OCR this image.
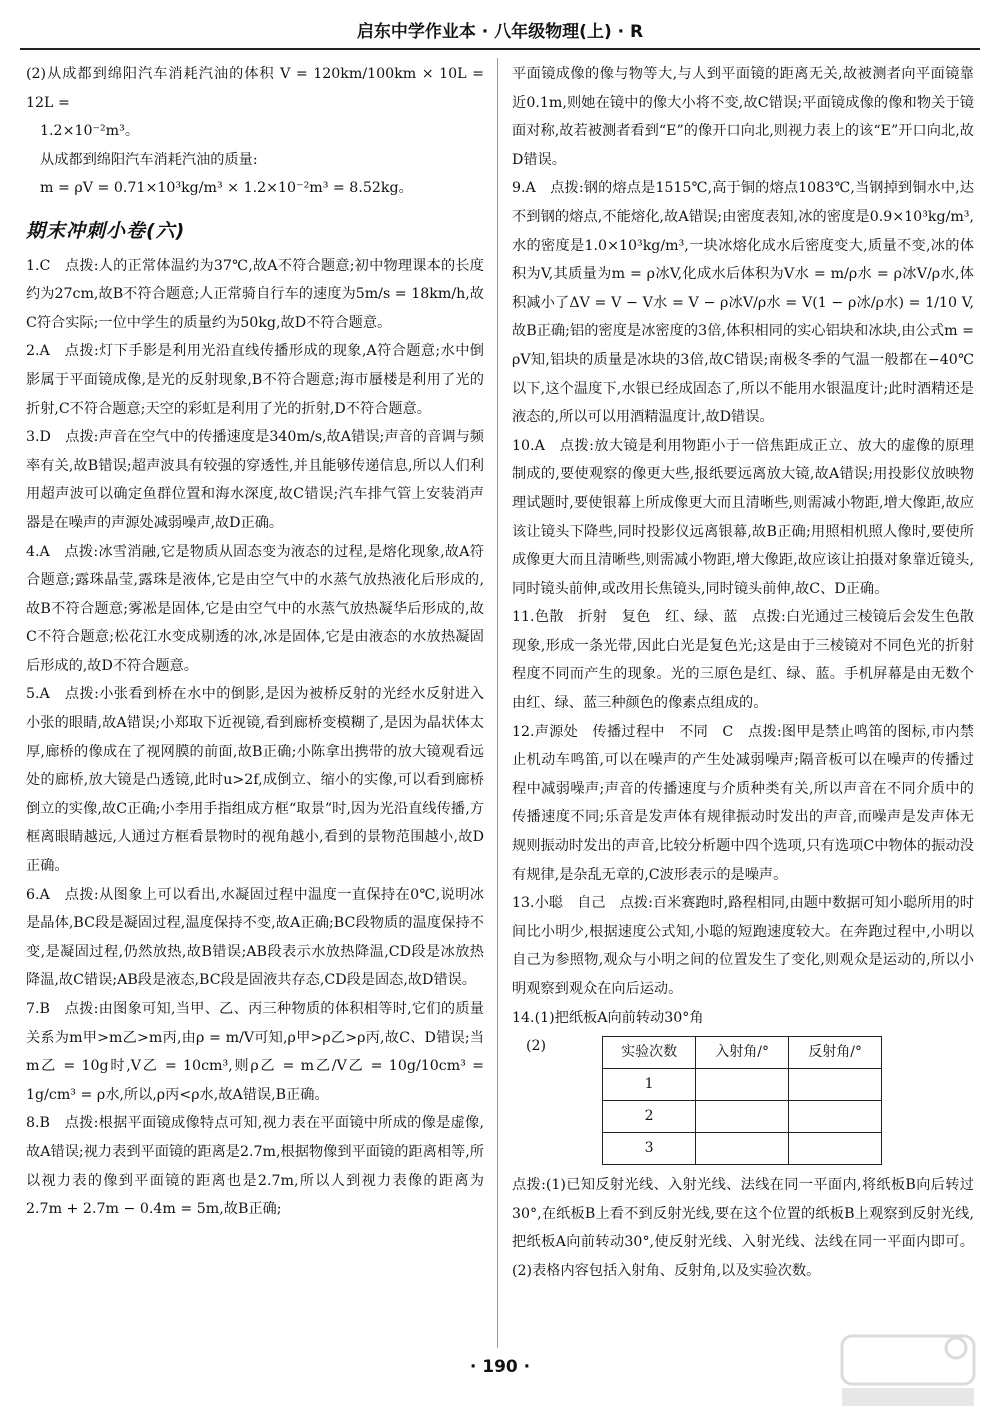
启东中学作业本 · 八年级物理(上) · R

(2)从成都到绵阳汽车消耗汽油的体积 V = 120km/100km × 10L = 12L =

1.2×10⁻²m³。

从成都到绵阳汽车消耗汽油的质量:

m = ρV = 0.71×10³kg/m³ × 1.2×10⁻²m³ = 8.52kg。

期末冲刺小卷(六)

1.C　点拨:人的正常体温约为37℃,故A不符合题意;初中物理课本的长度约为27cm,故B不符合题意;人正常骑自行车的速度为5m/s = 18km/h,故C符合实际;一位中学生的质量约为50kg,故D不符合题意。

2.A　点拨:灯下手影是利用光沿直线传播形成的现象,A符合题意;水中倒影属于平面镜成像,是光的反射现象,B不符合题意;海市蜃楼是利用了光的折射,C不符合题意;天空的彩虹是利用了光的折射,D不符合题意。

3.D　点拨:声音在空气中的传播速度是340m/s,故A错误;声音的音调与频率有关,故B错误;超声波具有较强的穿透性,并且能够传递信息,所以人们利用超声波可以确定鱼群位置和海水深度,故C错误;汽车排气管上安装消声器是在噪声的声源处减弱噪声,故D正确。

4.A　点拨:冰雪消融,它是物质从固态变为液态的过程,是熔化现象,故A符合题意;露珠晶莹,露珠是液体,它是由空气中的水蒸气放热液化后形成的,故B不符合题意;雾凇是固体,它是由空气中的水蒸气放热凝华后形成的,故C不符合题意;松花江水变成剔透的冰,冰是固体,它是由液态的水放热凝固后形成的,故D不符合题意。

5.A　点拨:小张看到桥在水中的倒影,是因为被桥反射的光经水反射进入小张的眼睛,故A错误;小郑取下近视镜,看到廊桥变模糊了,是因为晶状体太厚,廊桥的像成在了视网膜的前面,故B正确;小陈拿出携带的放大镜观看远处的廊桥,放大镜是凸透镜,此时u>2f,成倒立、缩小的实像,可以看到廊桥倒立的实像,故C正确;小李用手指组成方框“取景”时,因为光沿直线传播,方框离眼睛越远,人通过方框看景物时的视角越小,看到的景物范围越小,故D正确。

6.A　点拨:从图象上可以看出,水凝固过程中温度一直保持在0℃,说明冰是晶体,BC段是凝固过程,温度保持不变,故A正确;BC段物质的温度保持不变,是凝固过程,仍然放热,故B错误;AB段表示水放热降温,CD段是冰放热降温,故C错误;AB段是液态,BC段是固液共存态,CD段是固态,故D错误。

7.B　点拨:由图象可知,当甲、乙、丙三种物质的体积相等时,它们的质量关系为m甲>m乙>m丙,由ρ = m/V可知,ρ甲>ρ乙>ρ丙,故C、D错误;当m乙 = 10g时,V乙 = 10cm³,则ρ乙 = m乙/V乙 = 10g/10cm³ = 1g/cm³ = ρ水,所以,ρ丙<ρ水,故A错误,B正确。

8.B　点拨:根据平面镜成像特点可知,视力表在平面镜中所成的像是虚像,故A错误;视力表到平面镜的距离是2.7m,根据物像到平面镜的距离相等,所以视力表的像到平面镜的距离也是2.7m,所以人到视力表像的距离为2.7m + 2.7m − 0.4m = 5m,故B正确;

平面镜成像的像与物等大,与人到平面镜的距离无关,故被测者向平面镜靠近0.1m,则她在镜中的像大小将不变,故C错误;平面镜成像的像和物关于镜面对称,故若被测者看到“E”的像开口向北,则视力表上的该“E”开口向北,故D错误。

9.A　点拨:钢的熔点是1515℃,高于铜的熔点1083℃,当钢掉到铜水中,达不到钢的熔点,不能熔化,故A错误;由密度表知,冰的密度是0.9×10³kg/m³,水的密度是1.0×10³kg/m³,一块冰熔化成水后密度变大,质量不变,冰的体积为V,其质量为m = ρ冰V,化成水后体积为V水 = m/ρ水 = ρ冰V/ρ水,体积减小了ΔV = V − V水 = V − ρ冰V/ρ水 = V(1 − ρ冰/ρ水) = 1/10 V,故B正确;铝的密度是冰密度的3倍,体积相同的实心铝块和冰块,由公式m = ρV知,铝块的质量是冰块的3倍,故C错误;南极冬季的气温一般都在−40℃以下,这个温度下,水银已经成固态了,所以不能用水银温度计;此时酒精还是液态的,所以可以用酒精温度计,故D错误。

10.A　点拨:放大镜是利用物距小于一倍焦距成正立、放大的虚像的原理制成的,要使观察的像更大些,报纸要远离放大镜,故A错误;用投影仪放映物理试题时,要使银幕上所成像更大而且清晰些,则需减小物距,增大像距,故应该让镜头下降些,同时投影仪远离银幕,故B正确;用照相机照人像时,要使所成像更大而且清晰些,则需减小物距,增大像距,故应该让拍摄对象靠近镜头,同时镜头前伸,或改用长焦镜头,同时镜头前伸,故C、D正确。

11.色散　折射　复色　红、绿、蓝　点拨:白光通过三棱镜后会发生色散现象,形成一条光带,因此白光是复色光;这是由于三棱镜对不同色光的折射程度不同而产生的现象。光的三原色是红、绿、蓝。手机屏幕是由无数个由红、绿、蓝三种颜色的像素点组成的。

12.声源处　传播过程中　不同　C　点拨:图甲是禁止鸣笛的图标,市内禁止机动车鸣笛,可以在噪声的产生处减弱噪声;隔音板可以在噪声的传播过程中减弱噪声;声音的传播速度与介质种类有关,所以声音在不同介质中的传播速度不同;乐音是发声体有规律振动时发出的声音,而噪声是发声体无规则振动时发出的声音,比较分析题中四个选项,只有选项C中物体的振动没有规律,是杂乱无章的,C波形表示的是噪声。

13.小聪　自己　点拨:百米赛跑时,路程相同,由题中数据可知小聪所用的时间比小明少,根据速度公式知,小聪的短跑速度较大。在奔跑过程中,小明以自己为参照物,观众与小明之间的位置发生了变化,则观众是运动的,所以小明观察到观众在向后运动。

14.(1)把纸板A向前转动30°角

(2)	实验次数	入射角/°	反射角/°
1		
2		
3		

点拨:(1)已知反射光线、入射光线、法线在同一平面内,将纸板B向后转过30°,在纸板B上看不到反射光线,要在这个位置的纸板B上观察到反射光线,把纸板A向前转动30°,使反射光线、入射光线、法线在同一平面内即可。(2)表格内容包括入射角、反射角,以及实验次数。

· 190 ·
